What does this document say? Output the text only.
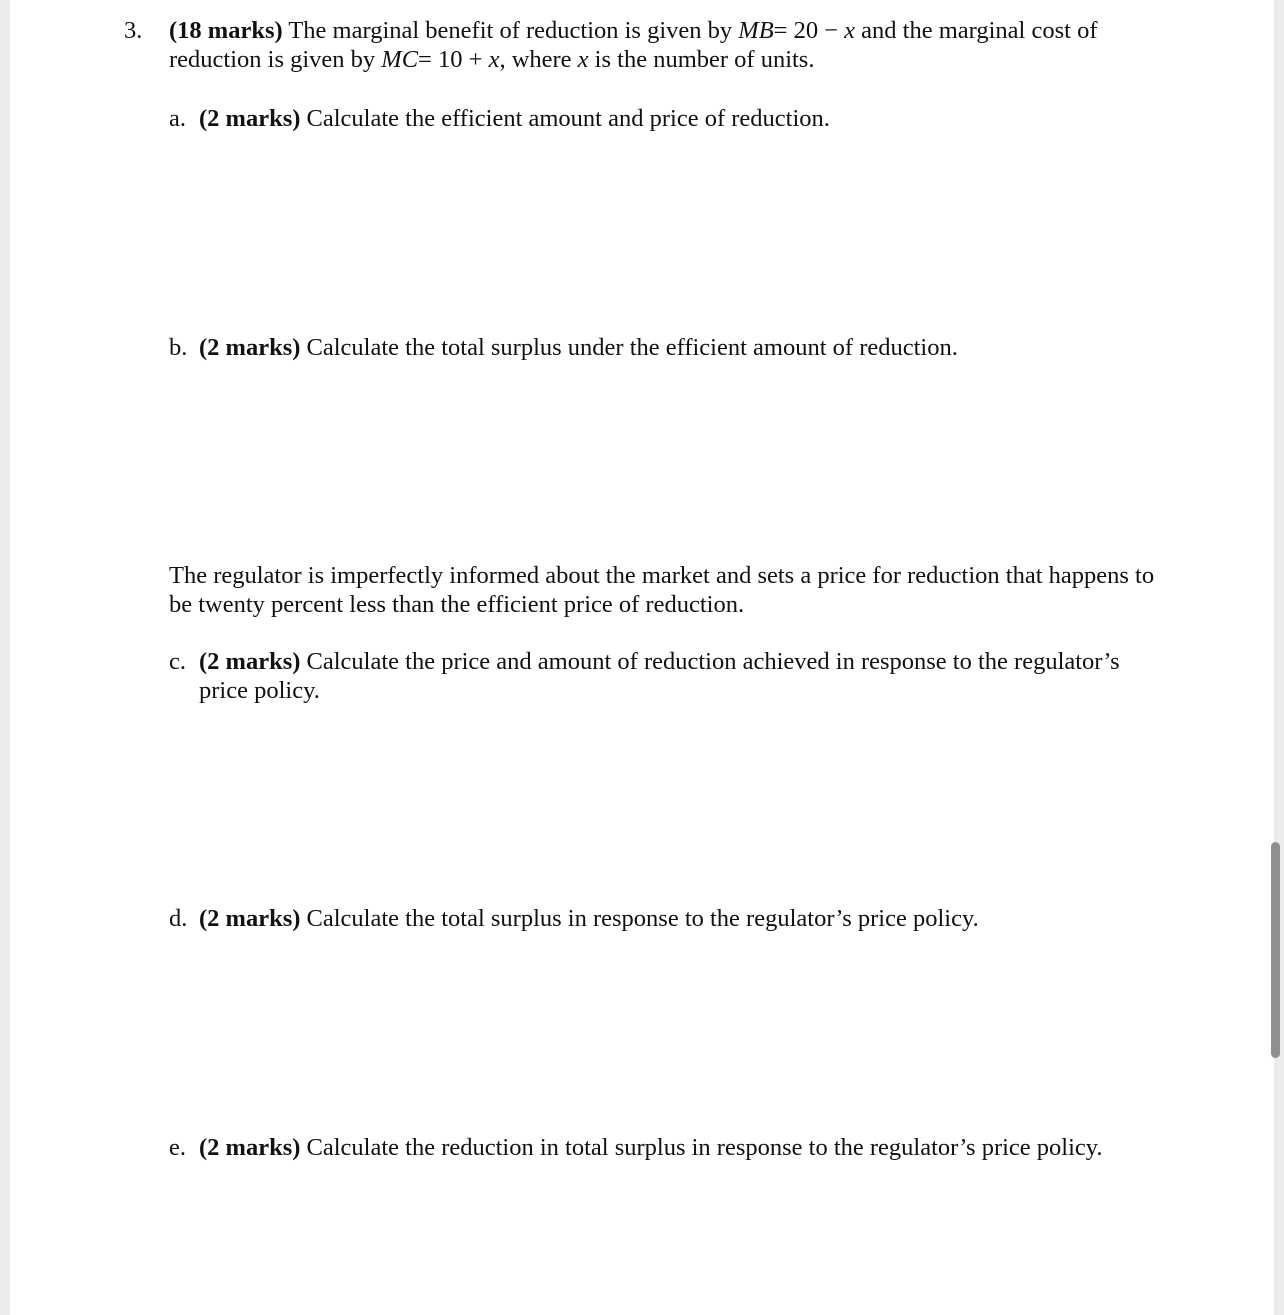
3. (18 marks) The marginal benefit of reduction is given by MB= 20 − x and the marginal cost of reduction is given by MC= 10 + x, where x is the number of units.
a. (2 marks) Calculate the efficient amount and price of reduction.
b. (2 marks) Calculate the total surplus under the efficient amount of reduction.
The regulator is imperfectly informed about the market and sets a price for reduction that happens to be twenty percent less than the efficient price of reduction.
c. (2 marks) Calculate the price and amount of reduction achieved in response to the regulator’s price policy.
d. (2 marks) Calculate the total surplus in response to the regulator’s price policy.
e. (2 marks) Calculate the reduction in total surplus in response to the regulator’s price policy.
